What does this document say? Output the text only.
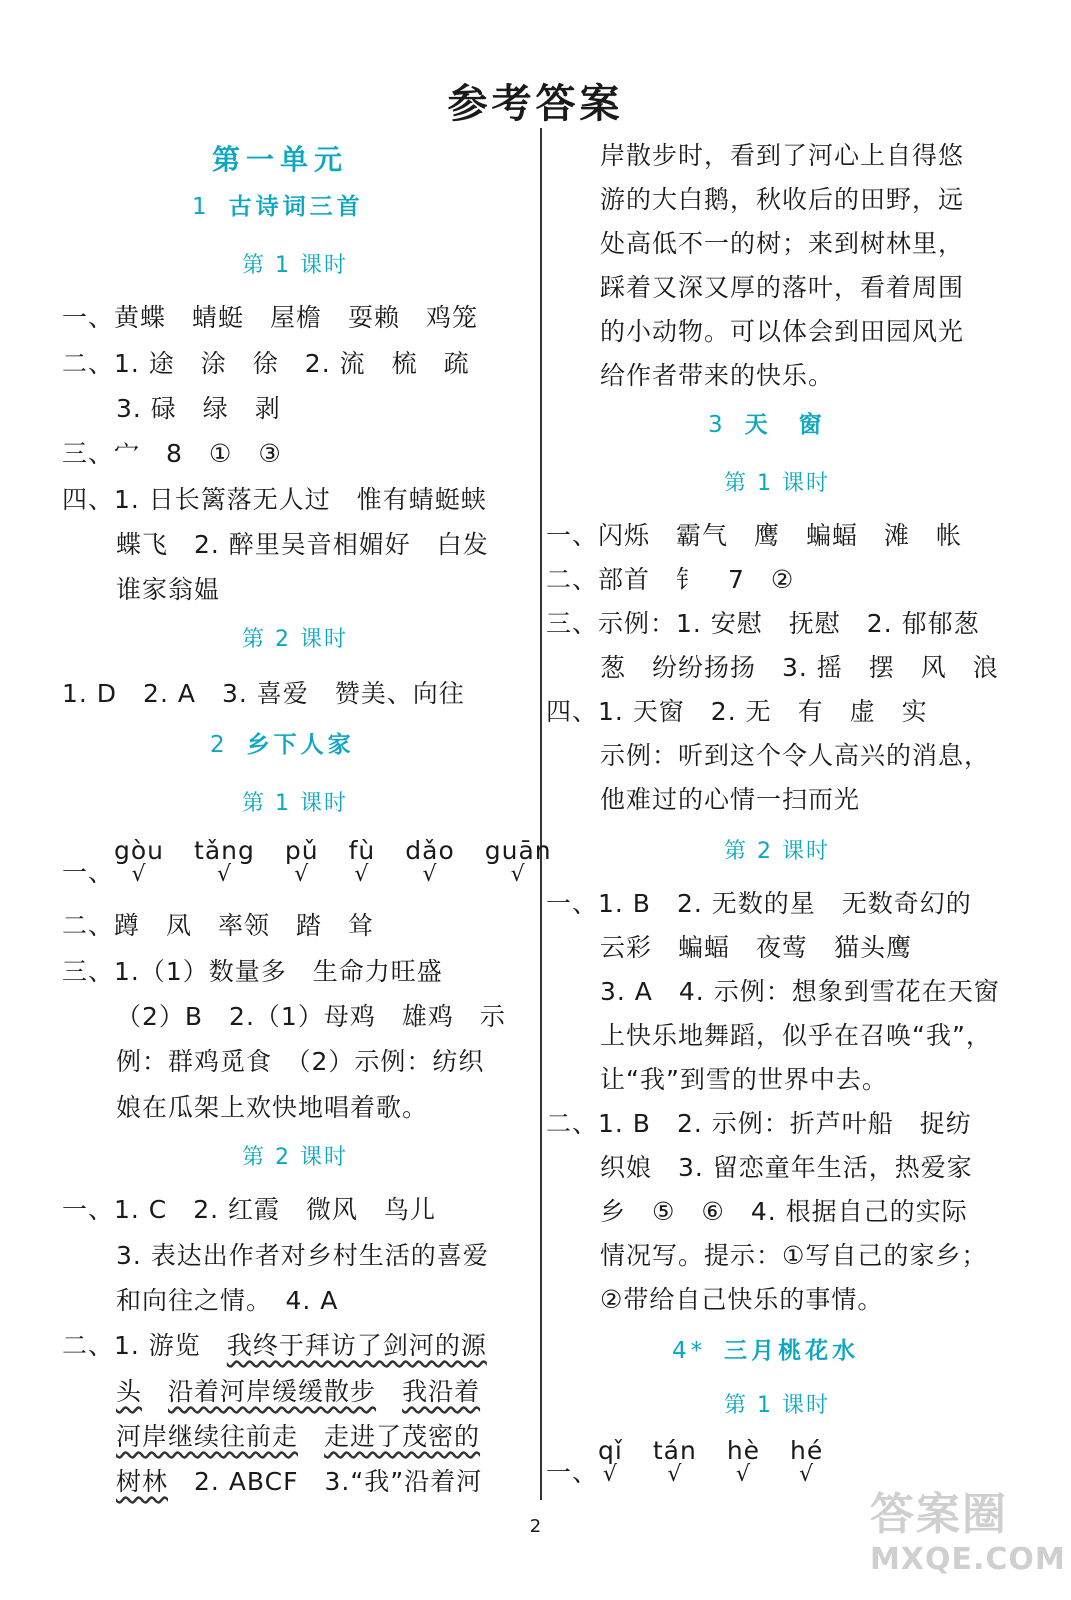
参考答案
第一单元
1 古诗词三首
第 1 课时
一、黄蝶　蜻蜓　屋檐　耍赖　鸡笼
二、1. 途　涂　徐　2. 流　梳　疏
3. 碌　绿　剥
三、宀　8　①　③
四、1. 日长篱落无人过　惟有蜻蜓蛱
蝶飞　2. 醉里吴音相媚好　白发
谁家翁媪
第 2 课时
1. D　2. A　3. 喜爱　赞美、向往
2 乡下人家
第 1 课时
一、gòu
√
tǎng
√
pǔ
√
fù
√
dǎo
√
guān
√
二、蹲　凤　率领　踏　耸
三、1.（1）数量多　生命力旺盛
（2）B　2.（1）母鸡　雄鸡　示
例：群鸡觅食　（2）示例：纺织
娘在瓜架上欢快地唱着歌。
第 2 课时
一、1. C　2. 红霞　微风　鸟儿
3. 表达出作者对乡村生活的喜爱
和向往之情。　4. A
二、1. 游览　我终于拜访了剑河的源
头　 沿着河岸缓缓散步　 我沿着
河岸继续往前走　 走进了茂密的
树林　2. ABCF　3.“我”沿着河
岸散步时，看到了河心上自得悠
游的大白鹅，秋收后的田野，远
处高低不一的树；来到树林里，
踩着又深又厚的落叶，看着周围
的小动物。可以体会到田园风光
给作者带来的快乐。
3 天　窗
第 1 课时
一、闪烁　霸气　鹰　蝙蝠　滩　帐
二、部首　钅　7　②
三、示例：1. 安慰　抚慰　2. 郁郁葱
葱　纷纷扬扬　3. 摇　摆　风　浪
四、1. 天窗　2. 无　有　虚　实
示例：听到这个令人高兴的消息，
他难过的心情一扫而光
第 2 课时
一、1. B　2. 无数的星　无数奇幻的
云彩　蝙蝠　夜莺　猫头鹰
3. A　4. 示例：想象到雪花在天窗
上快乐地舞蹈，似乎在召唤“我”，
让“我”到雪的世界中去。
二、1. B　2. 示例：折芦叶船　捉纺
织娘　3. 留恋童年生活，热爱家
乡　⑤　⑥　4. 根据自己的实际
情况写。提示：①写自己的家乡；
②带给自己快乐的事情。
4* 三月桃花水
第 1 课时
一、qǐ
√
tán
√
hè
√
hé
√
2	答案圈
MXQE.COM
